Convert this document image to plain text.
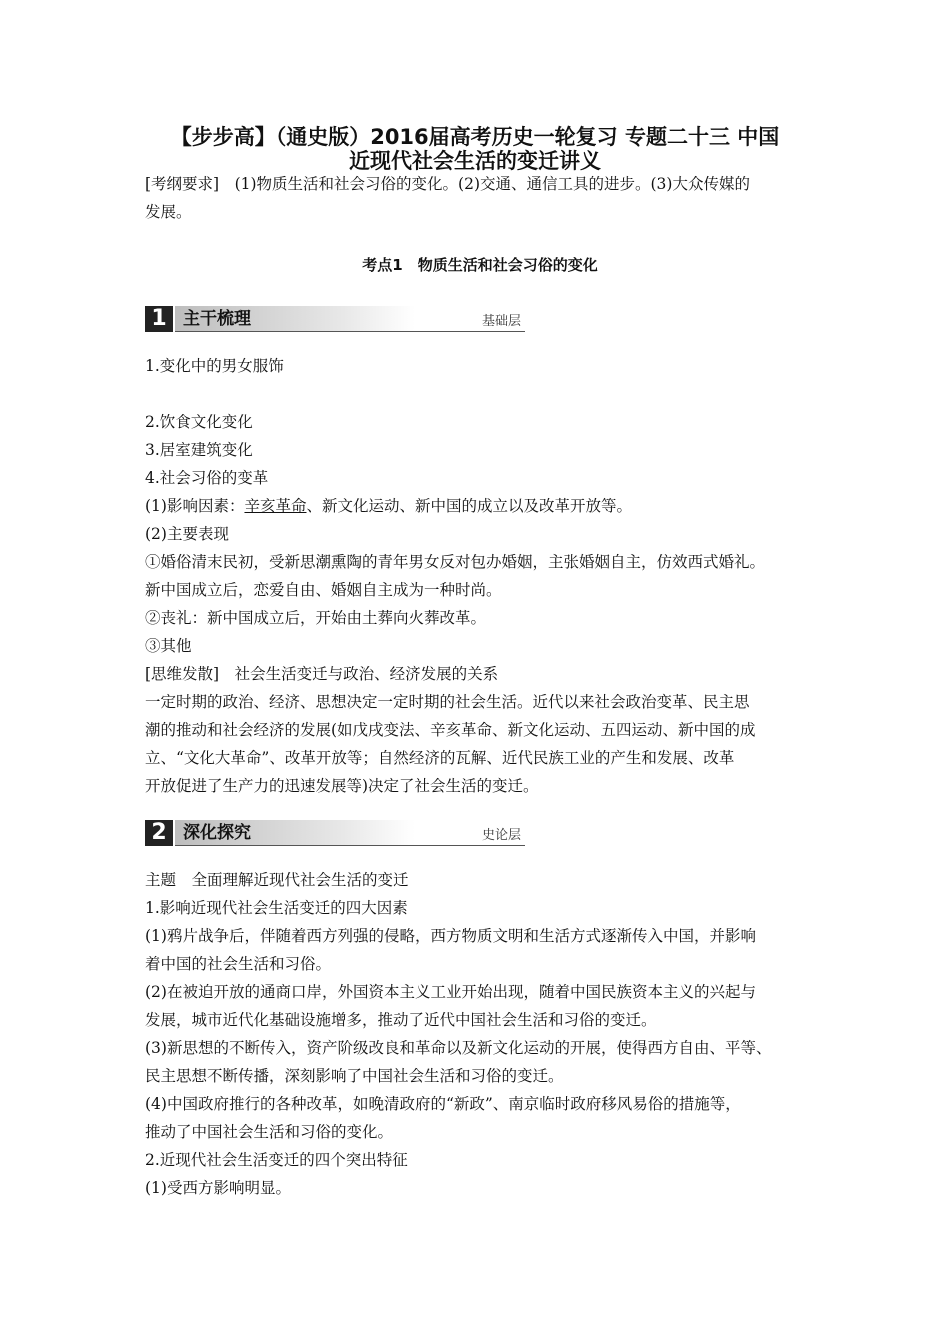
【步步高】（通史版）2016届高考历史一轮复习 专题二十三 中国
近现代社会生活的变迁讲义
[考纲要求]　(1)物质生活和社会习俗的变化。(2)交通、通信工具的进步。(3)大众传媒的
发展。
考点1　物质生活和社会习俗的变化
1 主干梳理	基础层
1.变化中的男女服饰
2.饮食文化变化
3.居室建筑变化
4.社会习俗的变革
(1)影响因素：辛亥革命、新文化运动、新中国的成立以及改革开放等。
(2)主要表现
①婚俗清末民初，受新思潮熏陶的青年男女反对包办婚姻，主张婚姻自主，仿效西式婚礼。
新中国成立后，恋爱自由、婚姻自主成为一种时尚。
②丧礼：新中国成立后，开始由土葬向火葬改革。
③其他
[思维发散]　社会生活变迁与政治、经济发展的关系
一定时期的政治、经济、思想决定一定时期的社会生活。近代以来社会政治变革、民主思
潮的推动和社会经济的发展(如戊戌变法、辛亥革命、新文化运动、五四运动、新中国的成
立、“文化大革命”、改革开放等；自然经济的瓦解、近代民族工业的产生和发展、改革
开放促进了生产力的迅速发展等)决定了社会生活的变迁。
2 深化探究	史论层
主题　全面理解近现代社会生活的变迁
1.影响近现代社会生活变迁的四大因素
(1)鸦片战争后，伴随着西方列强的侵略，西方物质文明和生活方式逐渐传入中国，并影响
着中国的社会生活和习俗。
(2)在被迫开放的通商口岸，外国资本主义工业开始出现，随着中国民族资本主义的兴起与
发展，城市近代化基础设施增多，推动了近代中国社会生活和习俗的变迁。
(3)新思想的不断传入，资产阶级改良和革命以及新文化运动的开展，使得西方自由、平等、
民主思想不断传播，深刻影响了中国社会生活和习俗的变迁。
(4)中国政府推行的各种改革，如晚清政府的“新政”、南京临时政府移风易俗的措施等，
推动了中国社会生活和习俗的变化。
2.近现代社会生活变迁的四个突出特征
(1)受西方影响明显。
